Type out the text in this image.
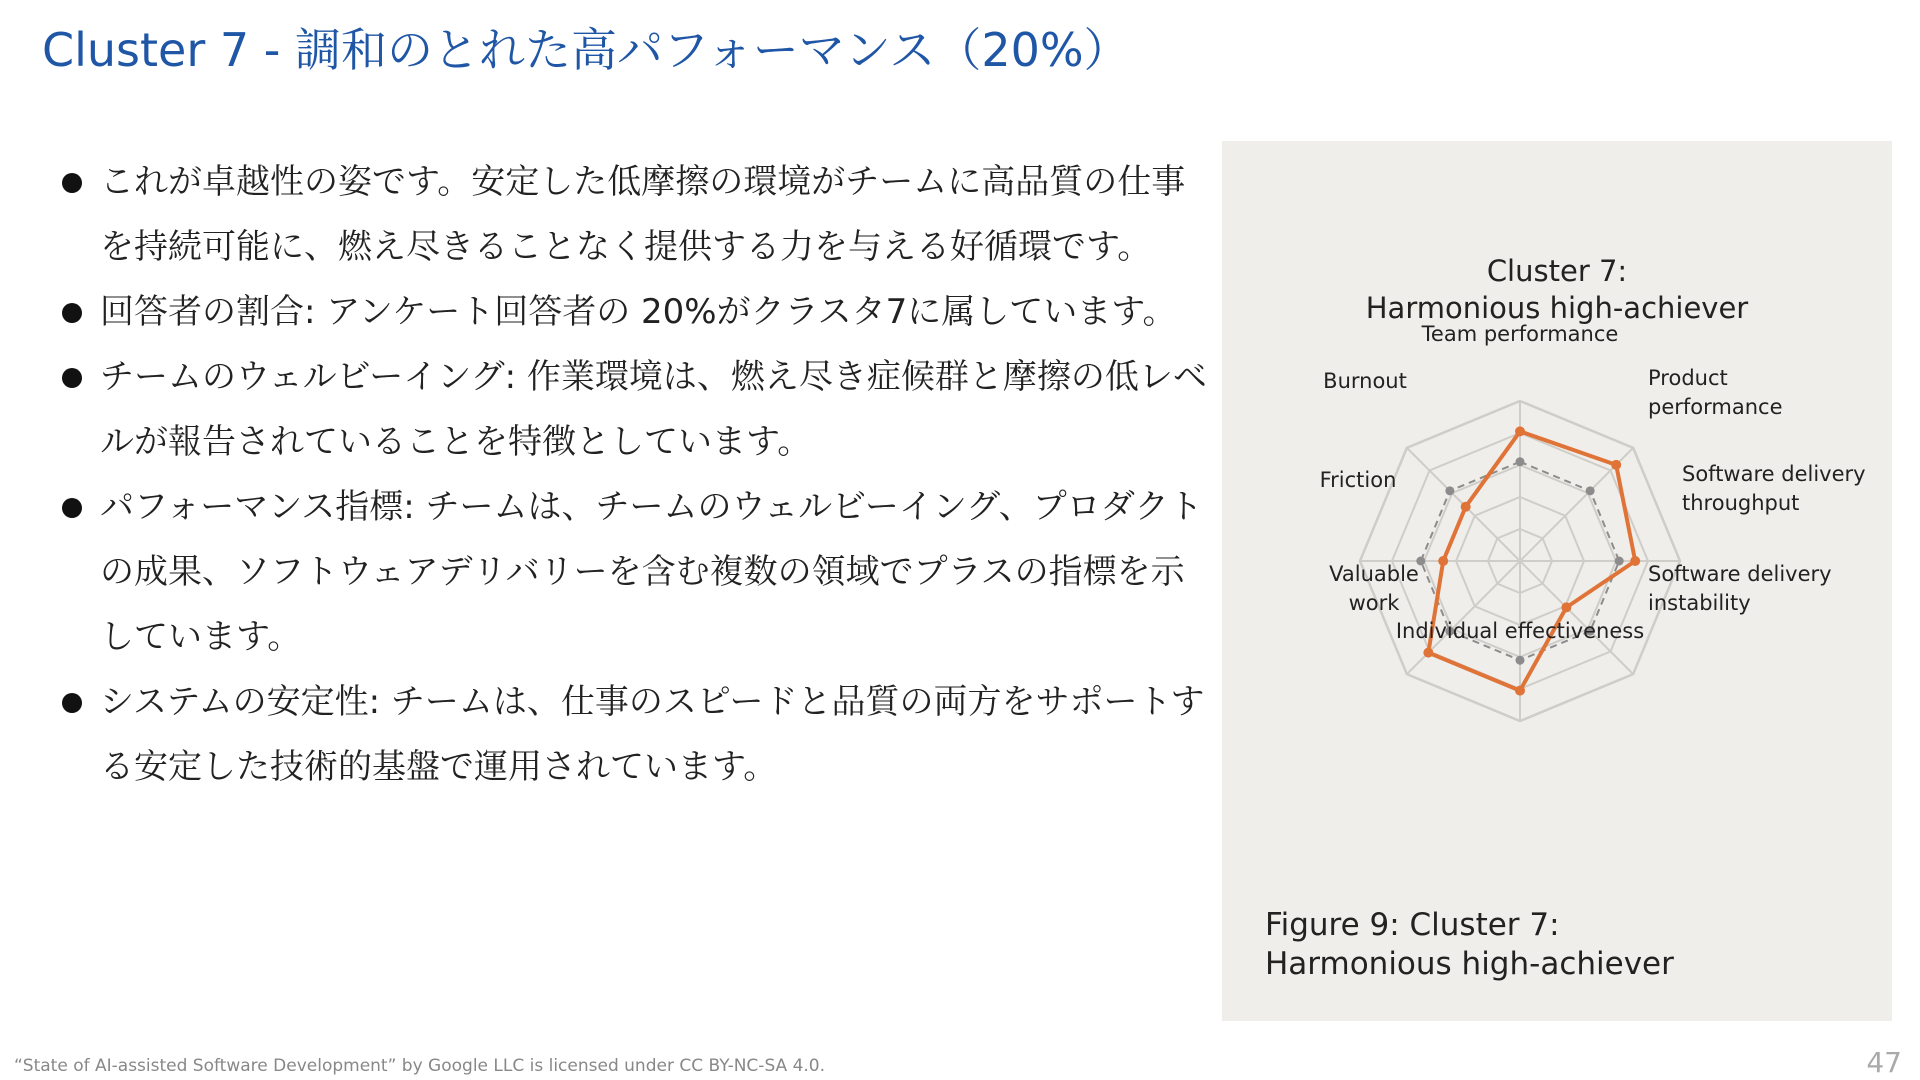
Cluster 7 - 調和のとれた高パフォーマンス（20%）
これが卓越性の姿です。安定した低摩擦の環境がチームに高品質の仕事を持続可能に、燃え尽きることなく提供する力を与える好循環です。
回答者の割合: アンケート回答者の 20%がクラスタ7に属しています。
チームのウェルビーイング: 作業環境は、燃え尽き症候群と摩擦の低レベルが報告されていることを特徴としています。
パフォーマンス指標: チームは、チームのウェルビーイング、プロダクトの成果、ソフトウェアデリバリーを含む複数の領域でプラスの指標を示しています。
システムの安定性: チームは、仕事のスピードと品質の両方をサポートする安定した技術的基盤で運用されています。
Cluster 7:
Harmonious high-achiever
Team performance
Product performance
Software delivery throughput
Software delivery instability
Individual effectiveness
Valuable work
Friction
Burnout
Figure 9: Cluster 7:
Harmonious high-achiever
“State of AI-assisted Software Development” by Google LLC is licensed under CC BY-NC-SA 4.0.	47
